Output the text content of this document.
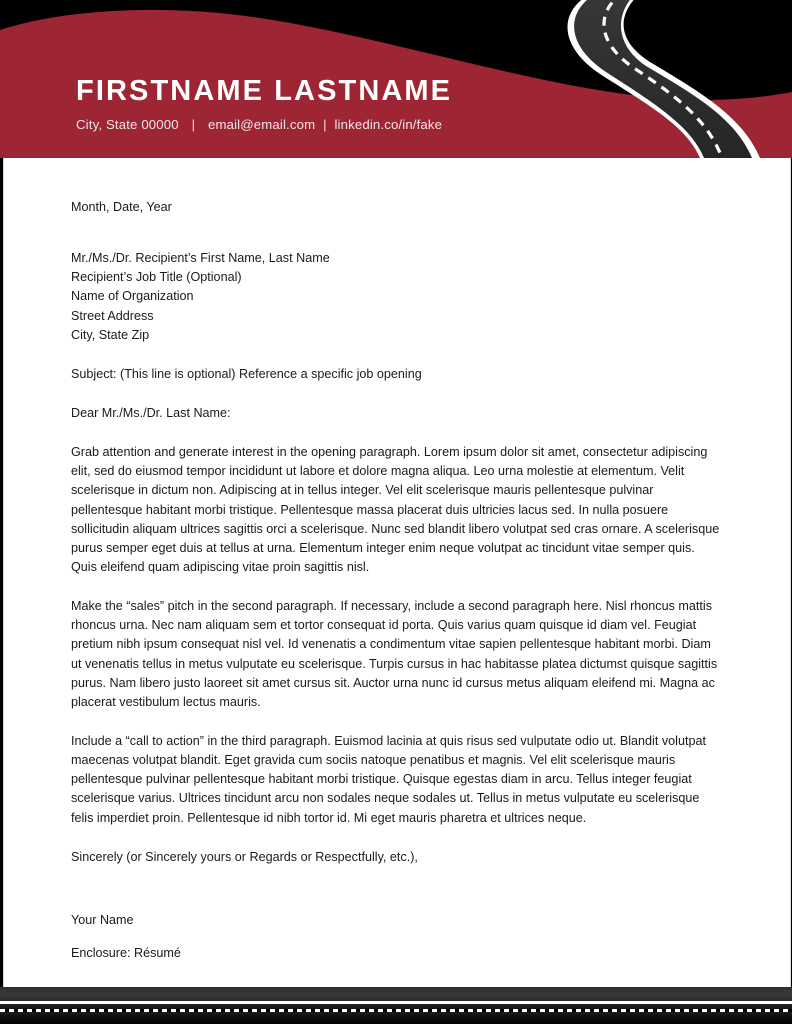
FIRSTNAME LASTNAME
City, State 00000 | email@email.com | linkedin.co/in/fake
Month, Date, Year
Mr./Ms./Dr. Recipient’s First Name, Last Name
Recipient’s Job Title (Optional)
Name of Organization
Street Address
City, State Zip
Subject: (This line is optional) Reference a specific job opening
Dear Mr./Ms./Dr. Last Name:

Grab attention and generate interest in the opening paragraph. Lorem ipsum dolor sit amet, consectetur adipiscing elit, sed do eiusmod tempor incididunt ut labore et dolore magna aliqua. Leo urna molestie at elementum. Velit scelerisque in dictum non. Adipiscing at in tellus integer. Vel elit scelerisque mauris pellentesque pulvinar pellentesque habitant morbi tristique. Pellentesque massa placerat duis ultricies lacus sed. In nulla posuere sollicitudin aliquam ultrices sagittis orci a scelerisque. Nunc sed blandit libero volutpat sed cras ornare. A scelerisque purus semper eget duis at tellus at urna. Elementum integer enim neque volutpat ac tincidunt vitae semper quis. Quis eleifend quam adipiscing vitae proin sagittis nisl.

Make the “sales” pitch in the second paragraph. If necessary, include a second paragraph here. Nisl rhoncus mattis rhoncus urna. Nec nam aliquam sem et tortor consequat id porta. Quis varius quam quisque id diam vel. Feugiat pretium nibh ipsum consequat nisl vel. Id venenatis a condimentum vitae sapien pellentesque habitant morbi. Diam ut venenatis tellus in metus vulputate eu scelerisque. Turpis cursus in hac habitasse platea dictumst quisque sagittis purus. Nam libero justo laoreet sit amet cursus sit. Auctor urna nunc id cursus metus aliquam eleifend mi. Magna ac placerat vestibulum lectus mauris.

Include a “call to action” in the third paragraph. Euismod lacinia at quis risus sed vulputate odio ut. Blandit volutpat maecenas volutpat blandit. Eget gravida cum sociis natoque penatibus et magnis. Vel elit scelerisque mauris pellentesque pulvinar pellentesque habitant morbi tristique. Quisque egestas diam in arcu. Tellus integer feugiat scelerisque varius. Ultrices tincidunt arcu non sodales neque sodales ut. Tellus in metus vulputate eu scelerisque felis imperdiet proin. Pellentesque id nibh tortor id. Mi eget mauris pharetra et ultrices neque.

Sincerely (or Sincerely yours or Regards or Respectfully, etc.),
Your Name
Enclosure: Résumé
